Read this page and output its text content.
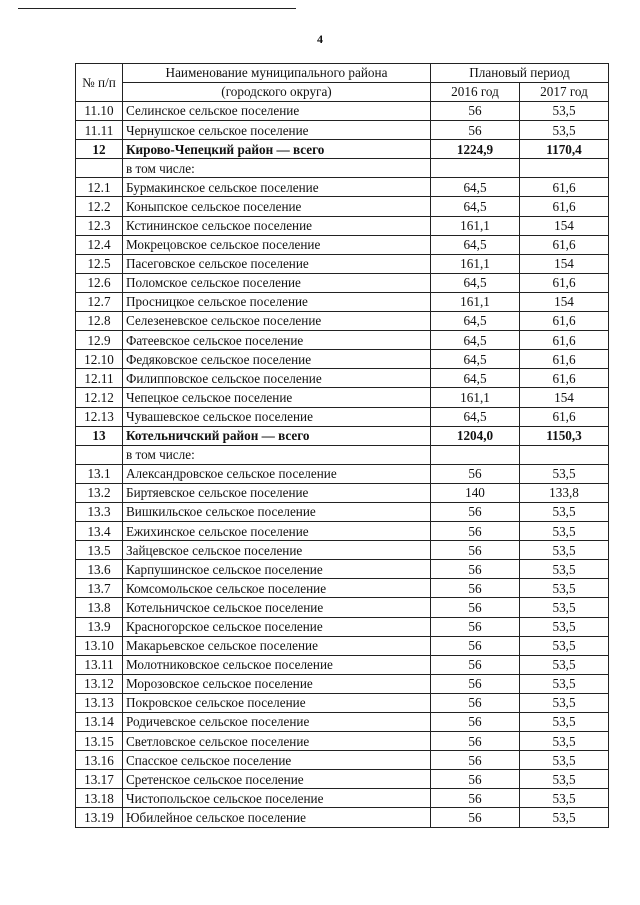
4
№ п/п	Наименование муниципального района	Плановый период	
	(городского округа)	2016 год	2017 год
11.10	Селинское сельское поселение	56	53,5
11.11	Чернушское сельское поселение	56	53,5
12	Кирово-Чепецкий район — всего	1224,9	1170,4
	в том числе:		
12.1	Бурмакинское сельское поселение	64,5	61,6
12.2	Коныпское сельское поселение	64,5	61,6
12.3	Кстининское сельское поселение	161,1	154
12.4	Мокрецовское сельское поселение	64,5	61,6
12.5	Пасеговское сельское поселение	161,1	154
12.6	Поломское сельское поселение	64,5	61,6
12.7	Просницкое сельское поселение	161,1	154
12.8	Селезеневское сельское поселение	64,5	61,6
12.9	Фатеевское сельское поселение	64,5	61,6
12.10	Федяковское сельское поселение	64,5	61,6
12.11	Филипповское сельское поселение	64,5	61,6
12.12	Чепецкое сельское поселение	161,1	154
12.13	Чувашевское сельское поселение	64,5	61,6
13	Котельничский район — всего	1204,0	1150,3
	в том числе:		
13.1	Александровское сельское поселение	56	53,5
13.2	Биртяевское сельское поселение	140	133,8
13.3	Вишкильское сельское поселение	56	53,5
13.4	Ежихинское сельское поселение	56	53,5
13.5	Зайцевское сельское поселение	56	53,5
13.6	Карпушинское сельское поселение	56	53,5
13.7	Комсомольское сельское поселение	56	53,5
13.8	Котельничское сельское поселение	56	53,5
13.9	Красногорское сельское поселение	56	53,5
13.10	Макарьевское сельское поселение	56	53,5
13.11	Молотниковское сельское поселение	56	53,5
13.12	Морозовское сельское поселение	56	53,5
13.13	Покровское сельское поселение	56	53,5
13.14	Родичевское сельское поселение	56	53,5
13.15	Светловское сельское поселение	56	53,5
13.16	Спасское сельское поселение	56	53,5
13.17	Сретенское сельское поселение	56	53,5
13.18	Чистопольское сельское поселение	56	53,5
13.19	Юбилейное сельское поселение	56	53,5
